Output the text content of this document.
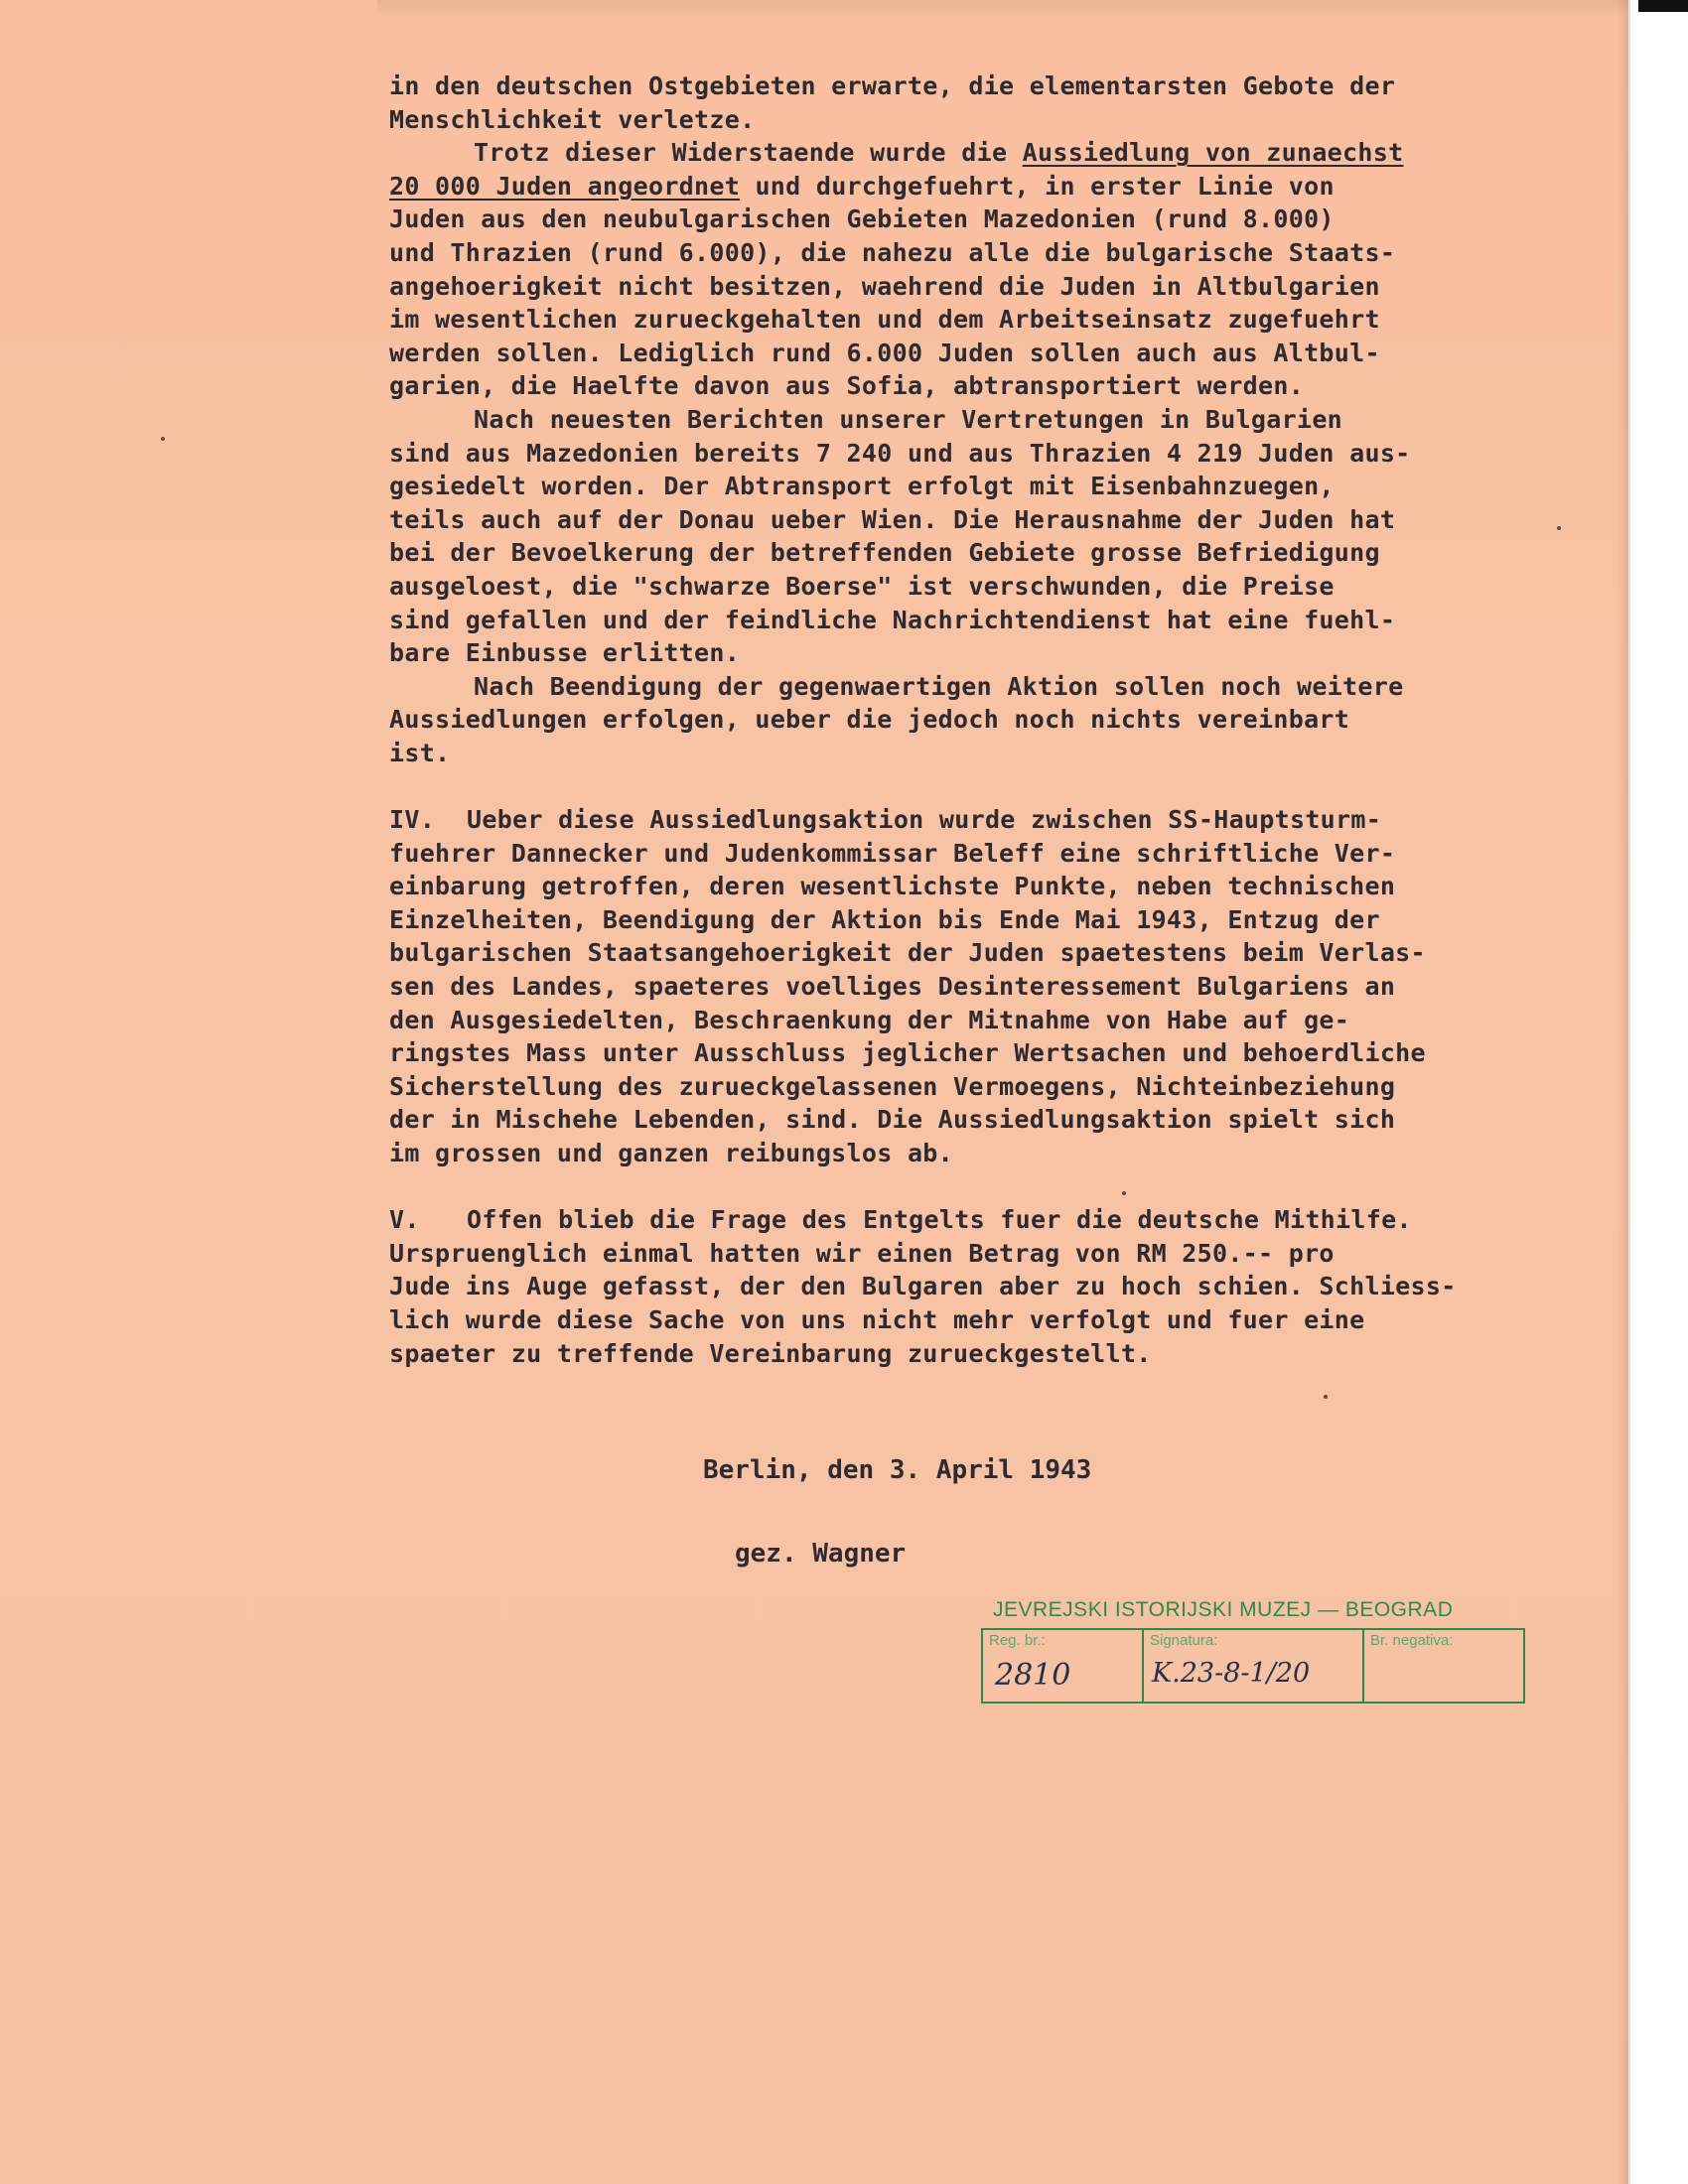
in den deutschen Ostgebieten erwarte, die elementarsten Gebote der
Menschlichkeit verletze.
Trotz dieser Widerstaende wurde die Aussiedlung von zunaechst
20 000 Juden angeordnet und durchgefuehrt, in erster Linie von
Juden aus den neubulgarischen Gebieten Mazedonien (rund 8.000)
und Thrazien (rund 6.000), die nahezu alle die bulgarische Staats-
angehoerigkeit nicht besitzen, waehrend die Juden in Altbulgarien
im wesentlichen zurueckgehalten und dem Arbeitseinsatz zugefuehrt
werden sollen. Lediglich rund 6.000 Juden sollen auch aus Altbul-
garien, die Haelfte davon aus Sofia, abtransportiert werden.
Nach neuesten Berichten unserer Vertretungen in Bulgarien
sind aus Mazedonien bereits 7 240 und aus Thrazien 4 219 Juden aus-
gesiedelt worden. Der Abtransport erfolgt mit Eisenbahnzuegen,
teils auch auf der Donau ueber Wien. Die Herausnahme der Juden hat
bei der Bevoelkerung der betreffenden Gebiete grosse Befriedigung
ausgeloest, die "schwarze Boerse" ist verschwunden, die Preise
sind gefallen und der feindliche Nachrichtendienst hat eine fuehl-
bare Einbusse erlitten.
Nach Beendigung der gegenwaertigen Aktion sollen noch weitere
Aussiedlungen erfolgen, ueber die jedoch noch nichts vereinbart
ist.
IV. Ueber diese Aussiedlungsaktion wurde zwischen SS-Hauptsturm-
fuehrer Dannecker und Judenkommissar Beleff eine schriftliche Ver-
einbarung getroffen, deren wesentlichste Punkte, neben technischen
Einzelheiten, Beendigung der Aktion bis Ende Mai 1943, Entzug der
bulgarischen Staatsangehoerigkeit der Juden spaetestens beim Verlas-
sen des Landes, spaeteres voelliges Desinteressement Bulgariens an
den Ausgesiedelten, Beschraenkung der Mitnahme von Habe auf ge-
ringstes Mass unter Ausschluss jeglicher Wertsachen und behoerdliche
Sicherstellung des zurueckgelassenen Vermoegens, Nichteinbeziehung
der in Mischehe Lebenden, sind. Die Aussiedlungsaktion spielt sich
im grossen und ganzen reibungslos ab.
V. Offen blieb die Frage des Entgelts fuer die deutsche Mithilfe.
Urspruenglich einmal hatten wir einen Betrag von RM 250.-- pro
Jude ins Auge gefasst, der den Bulgaren aber zu hoch schien. Schliess-
lich wurde diese Sache von uns nicht mehr verfolgt und fuer eine
spaeter zu treffende Vereinbarung zurueckgestellt.
Berlin, den 3. April 1943
gez. Wagner
JEVREJSKI ISTORIJSKI MUZEJ — BEOGRAD
Reg. br.:
2810
Signatura:
K.23-8-1/20
Br. negativa:
